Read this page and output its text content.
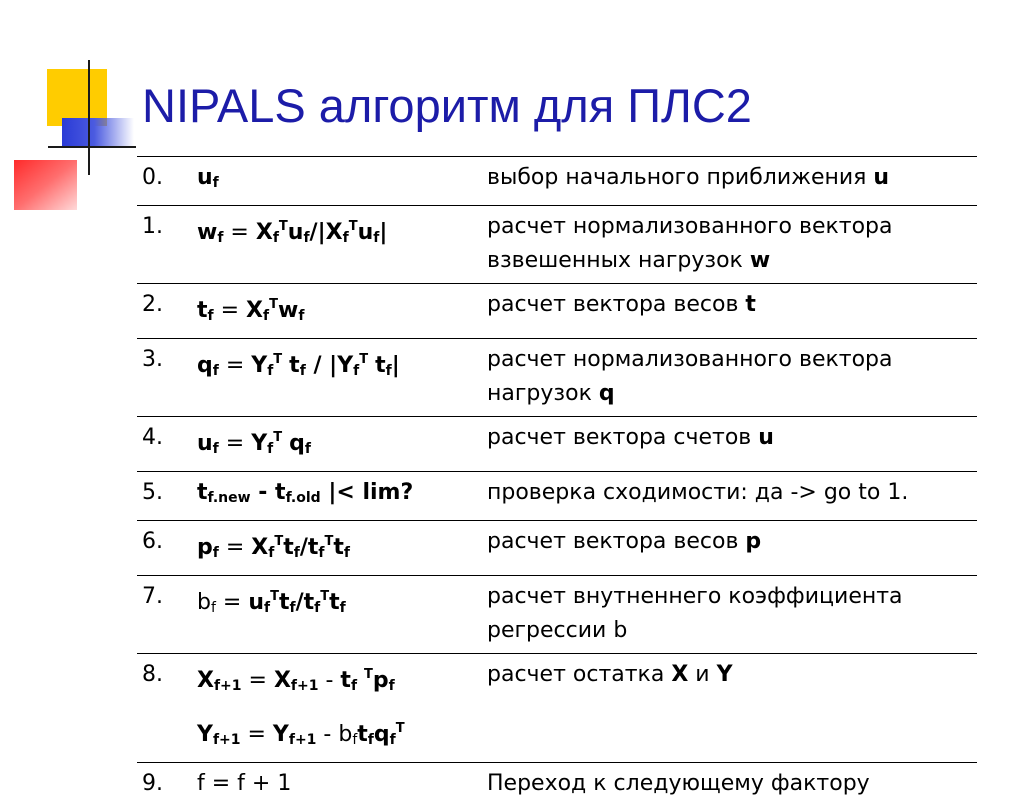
NIPALS алгоритм для ПЛС2
0.	$u_f$	выбор начального приближения u
1.	$w_f = X_f^Tu_f/|X_f^Tu_f|$	расчет нормализованного вектора взвешенных нагрузок w
2.	$t_f = X_f^Tw_f$	расчет вектора весов t
3.	$q_f = Y_f^T$ $t_f / |Y_f^T$ $t_f|$	расчет нормализованного вектора нагрузок q
4.	$u_f = Y_f^T$ $q_f$	расчет вектора счетов u
5.	$t_{f.new} - t_{f.old}$ |< lim?	проверка сходимости: да -> go to 1.
6.	$p_f = X_f^Tt_f/t_f^Tt_f$	расчет вектора весов p
7.	$b_f = u_f^Tt_f/t_f^Tt_f$	расчет внутненнего коэффициента регрессии b
8.	$X_{f+1} = X_{f+1} - t_f$ $^Tp_f$	расчет остатка X и Y
	$Y_{f+1} = Y_{f+1} - b_ft_fq_f^T$	
9.	f = f + 1	Переход к следующему фактору
